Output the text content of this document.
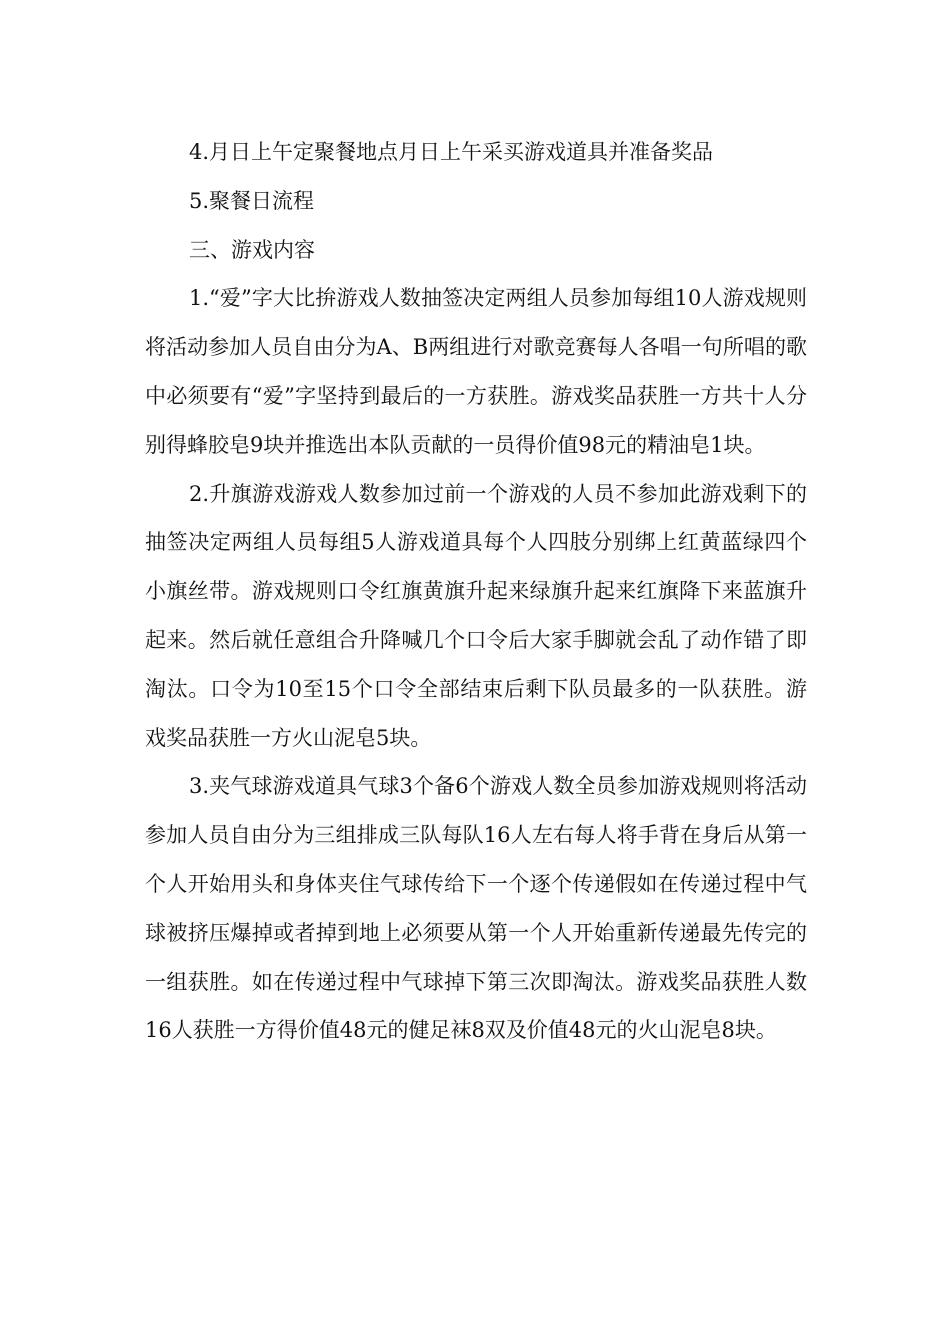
4.月日上午定聚餐地点月日上午采买游戏道具并准备奖品

5.聚餐日流程

三、游戏内容

1.“爱”字大比拚游戏人数抽签决定两组人员参加每组10人游戏规则将活动参加人员自由分为A、B两组进行对歌竞赛每人各唱一句所唱的歌中必须要有“爱”字坚持到最后的一方获胜。游戏奖品获胜一方共十人分别得蜂胶皂9块并推选出本队贡献的一员得价值98元的精油皂1块。

2.升旗游戏游戏人数参加过前一个游戏的人员不参加此游戏剩下的抽签决定两组人员每组5人游戏道具每个人四肢分别绑上红黄蓝绿四个小旗丝带。游戏规则口令红旗黄旗升起来绿旗升起来红旗降下来蓝旗升起来。然后就任意组合升降喊几个口令后大家手脚就会乱了动作错了即淘汰。口令为10至15个口令全部结束后剩下队员最多的一队获胜。游戏奖品获胜一方火山泥皂5块。

3.夹气球游戏道具气球3个备6个游戏人数全员参加游戏规则将活动参加人员自由分为三组排成三队每队16人左右每人将手背在身后从第一个人开始用头和身体夹住气球传给下一个逐个传递假如在传递过程中气球被挤压爆掉或者掉到地上必须要从第一个人开始重新传递最先传完的一组获胜。如在传递过程中气球掉下第三次即淘汰。游戏奖品获胜人数16人获胜一方得价值48元的健足袜8双及价值48元的火山泥皂8块。
